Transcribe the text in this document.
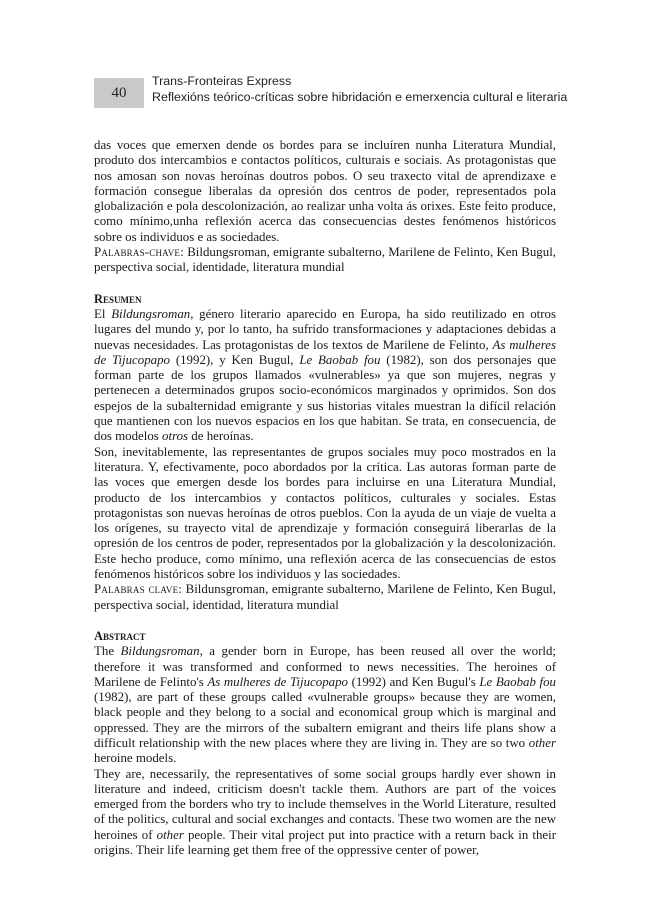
40
Trans-Fronteiras Express
Reflexións teórico-críticas sobre hibridación e emerxencia cultural e literaria

das voces que emerxen dende os bordes para se incluíren nunha Literatura Mundial, produto dos intercambios e contactos políticos, culturais e sociais. As protagonistas que nos amosan son novas heroínas doutros pobos. O seu traxecto vital de aprendizaxe e formación consegue liberalas da opresión dos centros de poder, representados pola globalización e pola descolonización, ao realizar unha volta ás orixes. Este feito produce, como mínimo,unha reflexión acerca das consecuencias destes fenómenos históricos sobre os individuos e as sociedades.

Palabras-chave: Bildungsroman, emigrante subalterno, Marilene de Felinto, Ken Bugul, perspectiva social, identidade, literatura mundial

Resumen

El Bildungsroman, género literario aparecido en Europa, ha sido reutilizado en otros lugares del mundo y, por lo tanto, ha sufrido transformaciones y adaptaciones debidas a nuevas necesidades. Las protagonistas de los textos de Marilene de Felinto, As mulheres de Tijucopapo (1992), y Ken Bugul, Le Baobab fou (1982), son dos personajes que forman parte de los grupos llamados «vulnerables» ya que son mujeres, negras y pertenecen a determinados grupos socio-económicos marginados y oprimidos. Son dos espejos de la subalternidad emigrante y sus historias vitales muestran la difícil relación que mantienen con los nuevos espacios en los que habitan. Se trata, en consecuencia, de dos modelos otros de heroínas.

Son, inevitablemente, las representantes de grupos sociales muy poco mostrados en la literatura. Y, efectivamente, poco abordados por la crítica. Las autoras forman parte de las voces que emergen desde los bordes para incluirse en una Literatura Mundial, producto de los intercambios y contactos políticos, culturales y sociales. Estas protagonistas son nuevas heroínas de otros pueblos. Con la ayuda de un viaje de vuelta a los orígenes, su trayecto vital de aprendizaje y formación conseguirá liberarlas de la opresión de los centros de poder, representados por la globalización y la descolonización. Este hecho produce, como mínimo, una reflexión acerca de las consecuencias de estos fenómenos históricos sobre los individuos y las sociedades.

Palabras clave: Bildunsgroman, emigrante subalterno, Marilene de Felinto, Ken Bugul, perspectiva social, identidad, literatura mundial

Abstract

The Bildungsroman, a gender born in Europe, has been reused all over the world; therefore it was transformed and conformed to news necessities. The heroines of Marilene de Felinto's As mulheres de Tijucopapo (1992) and Ken Bugul's Le Baobab fou (1982), are part of these groups called «vulnerable groups» because they are women, black people and they belong to a social and economical group which is marginal and oppressed. They are the mirrors of the subaltern emigrant and theirs life plans show a difficult relationship with the new places where they are living in. They are so two other heroine models.

They are, necessarily, the representatives of some social groups hardly ever shown in literature and indeed, criticism doesn't tackle them. Authors are part of the voices emerged from the borders who try to include themselves in the World Literature, resulted of the politics, cultural and social exchanges and contacts. These two women are the new heroines of other people. Their vital project put into practice with a return back in their origins. Their life learning get them free of the oppressive center of power,
